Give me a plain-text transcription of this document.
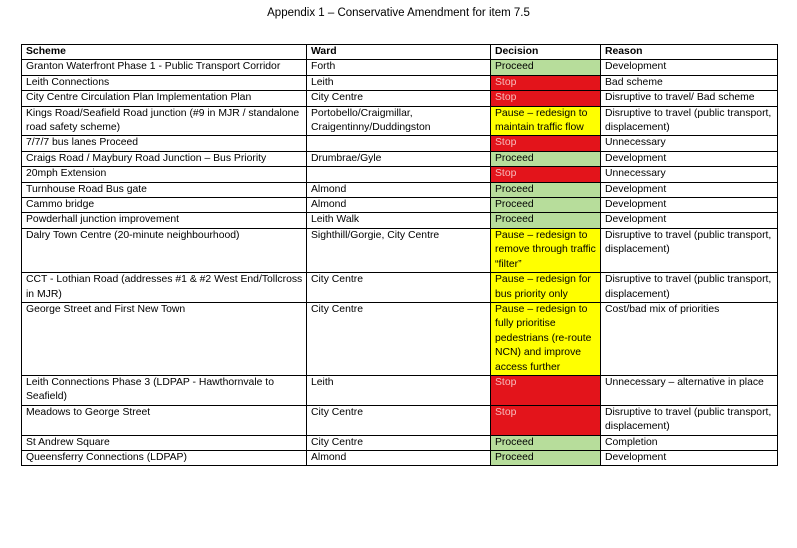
Appendix 1 – Conservative Amendment for item 7.5
Scheme	Ward	Decision	Reason
Granton Waterfront Phase 1 - Public Transport Corridor	Forth	Proceed	Development
Leith Connections	Leith	Stop	Bad scheme
City Centre Circulation Plan Implementation Plan	City Centre	Stop	Disruptive to travel/ Bad scheme
Kings Road/Seafield Road junction (#9 in MJR / standalone road safety scheme)	Portobello/Craigmillar, Craigentinny/Duddingston	Pause – redesign to maintain traffic flow	Disruptive to travel (public transport, displacement)
7/7/7 bus lanes Proceed		Stop	Unnecessary
Craigs Road / Maybury Road Junction – Bus Priority	Drumbrae/Gyle	Proceed	Development
20mph Extension		Stop	Unnecessary
Turnhouse Road Bus gate	Almond	Proceed	Development
Cammo bridge	Almond	Proceed	Development
Powderhall junction improvement	Leith Walk	Proceed	Development
Dalry Town Centre (20-minute neighbourhood)	Sighthill/Gorgie, City Centre	Pause – redesign to remove through traffic “filter”	Disruptive to travel (public transport, displacement)
CCT - Lothian Road (addresses #1 & #2 West End/Tollcross in MJR)	City Centre	Pause – redesign for bus priority only	Disruptive to travel (public transport, displacement)
George Street and First New Town	City Centre	Pause – redesign to fully prioritise pedestrians (re-route NCN) and improve access further	Cost/bad mix of priorities
Leith Connections Phase 3 (LDPAP - Hawthornvale to Seafield)	Leith	Stop	Unnecessary – alternative in place
Meadows to George Street	City Centre	Stop	Disruptive to travel (public transport, displacement)
St Andrew Square	City Centre	Proceed	Completion
Queensferry Connections (LDPAP)	Almond	Proceed	Development
